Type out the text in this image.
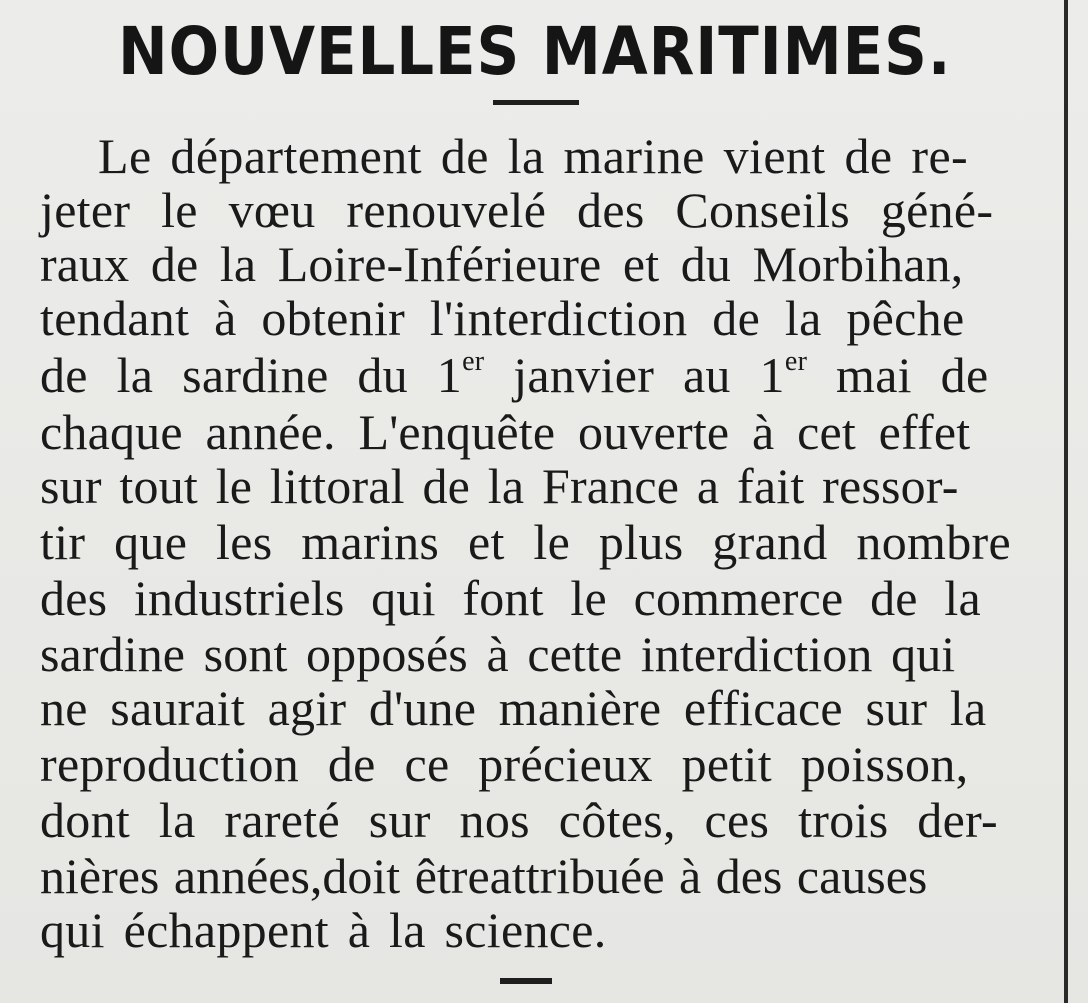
NOUVELLES MARITIMES.
Le département de la marine vient de re-
jeter le vœu renouvelé des Conseils géné-
raux de la Loire-Inférieure et du Morbihan,
tendant à obtenir l'interdiction de la pêche
de la sardine du 1er janvier au 1er mai de
chaque année. L'enquête ouverte à cet effet
sur tout le littoral de la France a fait ressor-
tir que les marins et le plus grand nombre
des industriels qui font le commerce de la
sardine sont opposés à cette interdiction qui
ne saurait agir d'une manière efficace sur la
reproduction de ce précieux petit poisson,
dont la rareté sur nos côtes, ces trois der-
nières années,doit êtreattribuée à des causes
qui échappent à la science.
